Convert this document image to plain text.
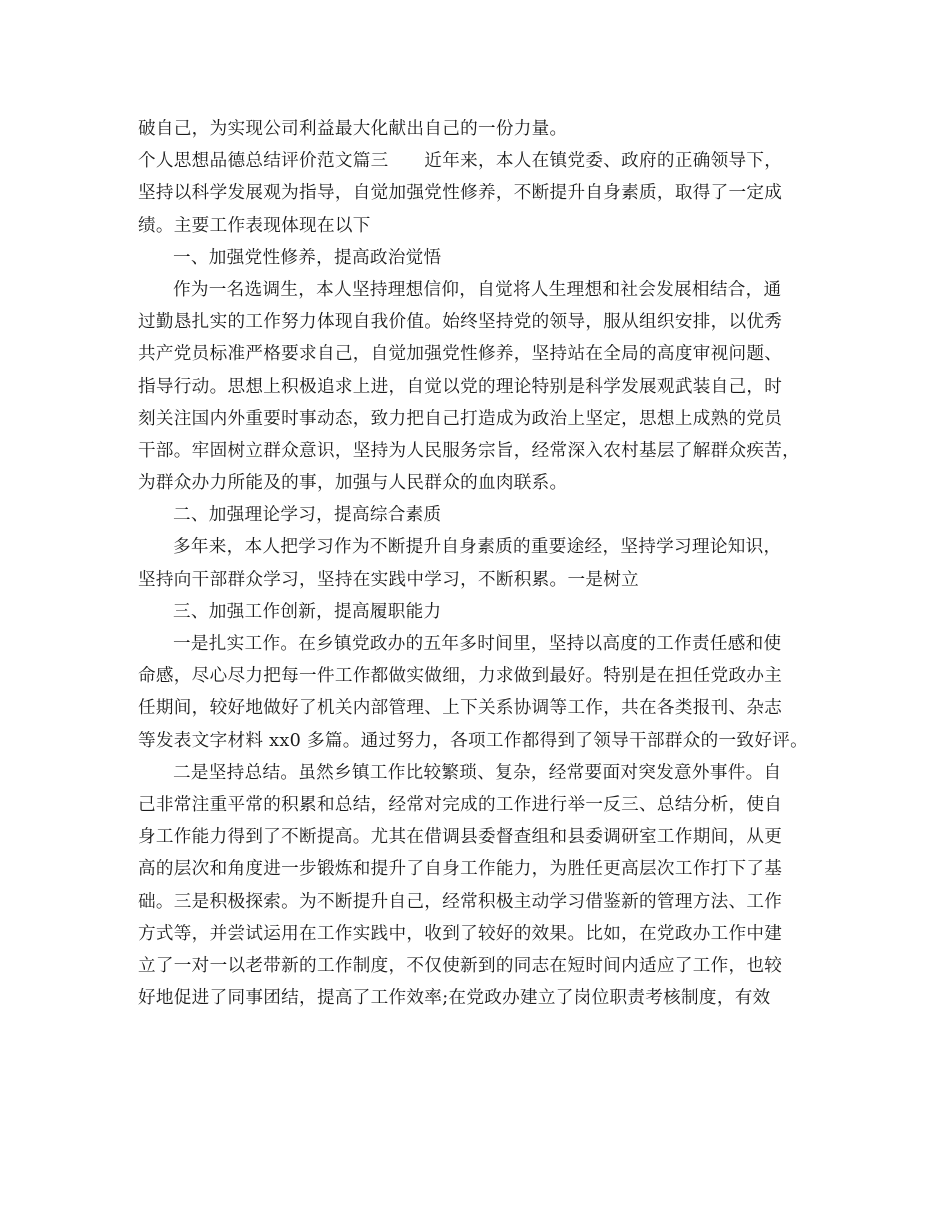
破自己，为实现公司利益最大化献出自己的一份力量。
个人思想品德总结评价范文篇三　　近年来，本人在镇党委、政府的正确领导下，
坚持以科学发展观为指导，自觉加强党性修养，不断提升自身素质，取得了一定成
绩。主要工作表现体现在以下
一、加强党性修养，提高政治觉悟
作为一名选调生，本人坚持理想信仰，自觉将人生理想和社会发展相结合，通
过勤恳扎实的工作努力体现自我价值。始终坚持党的领导，服从组织安排，以优秀
共产党员标准严格要求自己，自觉加强党性修养，坚持站在全局的高度审视问题、
指导行动。思想上积极追求上进，自觉以党的理论特别是科学发展观武装自己，时
刻关注国内外重要时事动态，致力把自己打造成为政治上坚定，思想上成熟的党员
干部。牢固树立群众意识，坚持为人民服务宗旨，经常深入农村基层了解群众疾苦，
为群众办力所能及的事，加强与人民群众的血肉联系。
二、加强理论学习，提高综合素质
多年来，本人把学习作为不断提升自身素质的重要途经，坚持学习理论知识，
坚持向干部群众学习，坚持在实践中学习，不断积累。一是树立
三、加强工作创新，提高履职能力
一是扎实工作。在乡镇党政办的五年多时间里，坚持以高度的工作责任感和使
命感，尽心尽力把每一件工作都做实做细，力求做到最好。特别是在担任党政办主
任期间，较好地做好了机关内部管理、上下关系协调等工作，共在各类报刊、杂志
等发表文字材料 xx0 多篇。通过努力，各项工作都得到了领导干部群众的一致好评。
二是坚持总结。虽然乡镇工作比较繁琐、复杂，经常要面对突发意外事件。自
己非常注重平常的积累和总结，经常对完成的工作进行举一反三、总结分析，使自
身工作能力得到了不断提高。尤其在借调县委督查组和县委调研室工作期间，从更
高的层次和角度进一步锻炼和提升了自身工作能力，为胜任更高层次工作打下了基
础。三是积极探索。为不断提升自己，经常积极主动学习借鉴新的管理方法、工作
方式等，并尝试运用在工作实践中，收到了较好的效果。比如，在党政办工作中建
立了一对一以老带新的工作制度，不仅使新到的同志在短时间内适应了工作，也较
好地促进了同事团结，提高了工作效率;在党政办建立了岗位职责考核制度，有效
